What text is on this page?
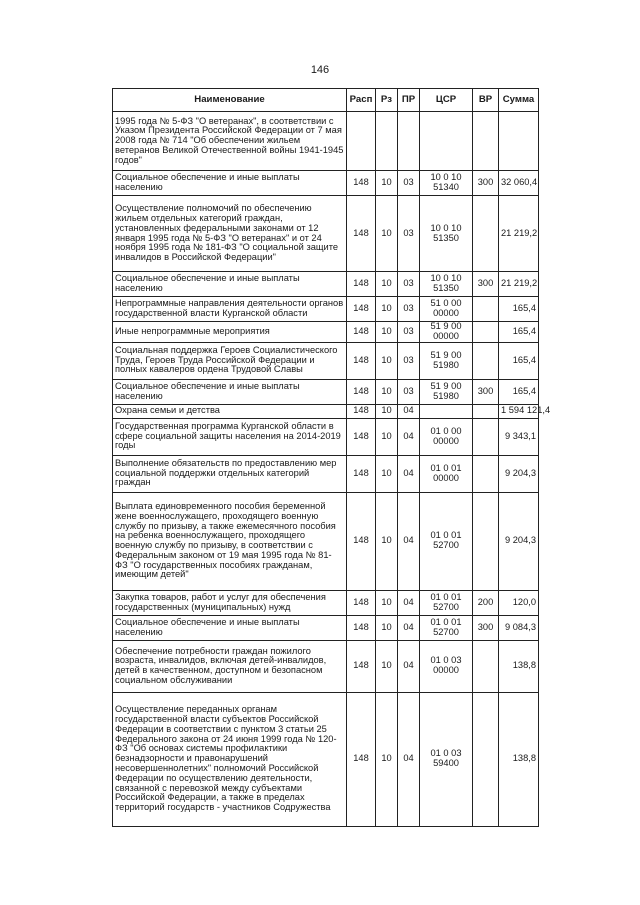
146
Наименование	Расп	Рз	ПР	ЦСР	ВР	Сумма
1995 года № 5-ФЗ "О ветеранах", в соответствии с Указом Президента Российской Федерации от 7 мая 2008 года № 714 "Об обеспечении жильем ветеранов Великой Отечественной войны 1941-1945 годов"						
Социальное обеспечение и иные выплаты населению	148	10	03	10 0 10 51340	300	32 060,4
Осуществление полномочий по обеспечению жильем отдельных категорий граждан, установленных федеральными законами от 12 января 1995 года № 5-ФЗ "О ветеранах" и от 24 ноября 1995 года № 181-ФЗ "О социальной защите инвалидов в Российской Федерации"	148	10	03	10 0 10 51350		21 219,2
Социальное обеспечение и иные выплаты населению	148	10	03	10 0 10 51350	300	21 219,2
Непрограммные направления деятельности органов государственной власти Курганской области	148	10	03	51 0 00 00000		165,4
Иные непрограммные мероприятия	148	10	03	51 9 00 00000		165,4
Социальная поддержка Героев Социалистического Труда, Героев Труда Российской Федерации и полных кавалеров ордена Трудовой Славы	148	10	03	51 9 00 51980		165,4
Социальное обеспечение и иные выплаты населению	148	10	03	51 9 00 51980	300	165,4
Охрана семьи и детства	148	10	04			1 594 121,4
Государственная программа Курганской области в сфере социальной защиты населения на 2014-2019 годы	148	10	04	01 0 00 00000		9 343,1
Выполнение обязательств по предоставлению мер социальной поддержки отдельных категорий граждан	148	10	04	01 0 01 00000		9 204,3
Выплата единовременного пособия беременной жене военнослужащего, проходящего военную службу по призыву, а также ежемесячного пособия на ребенка военнослужащего, проходящего военную службу по призыву, в соответствии с Федеральным законом от 19 мая 1995 года № 81-ФЗ "О государственных пособиях гражданам, имеющим детей"	148	10	04	01 0 01 52700		9 204,3
Закупка товаров, работ и услуг для обеспечения государственных (муниципальных) нужд	148	10	04	01 0 01 52700	200	120,0
Социальное обеспечение и иные выплаты населению	148	10	04	01 0 01 52700	300	9 084,3
Обеспечение потребности граждан пожилого возраста, инвалидов, включая детей-инвалидов, детей в качественном, доступном и безопасном социальном обслуживании	148	10	04	01 0 03 00000		138,8
Осуществление переданных органам государственной власти субъектов Российской Федерации в соответствии с пунктом 3 статьи 25 Федерального закона от 24 июня 1999 года № 120-ФЗ "Об основах системы профилактики безнадзорности и правонарушений несовершеннолетних" полномочий Российской Федерации по осуществлению деятельности, связанной с перевозкой между субъектами Российской Федерации, а также в пределах территорий государств - участников Содружества	148	10	04	01 0 03 59400		138,8
